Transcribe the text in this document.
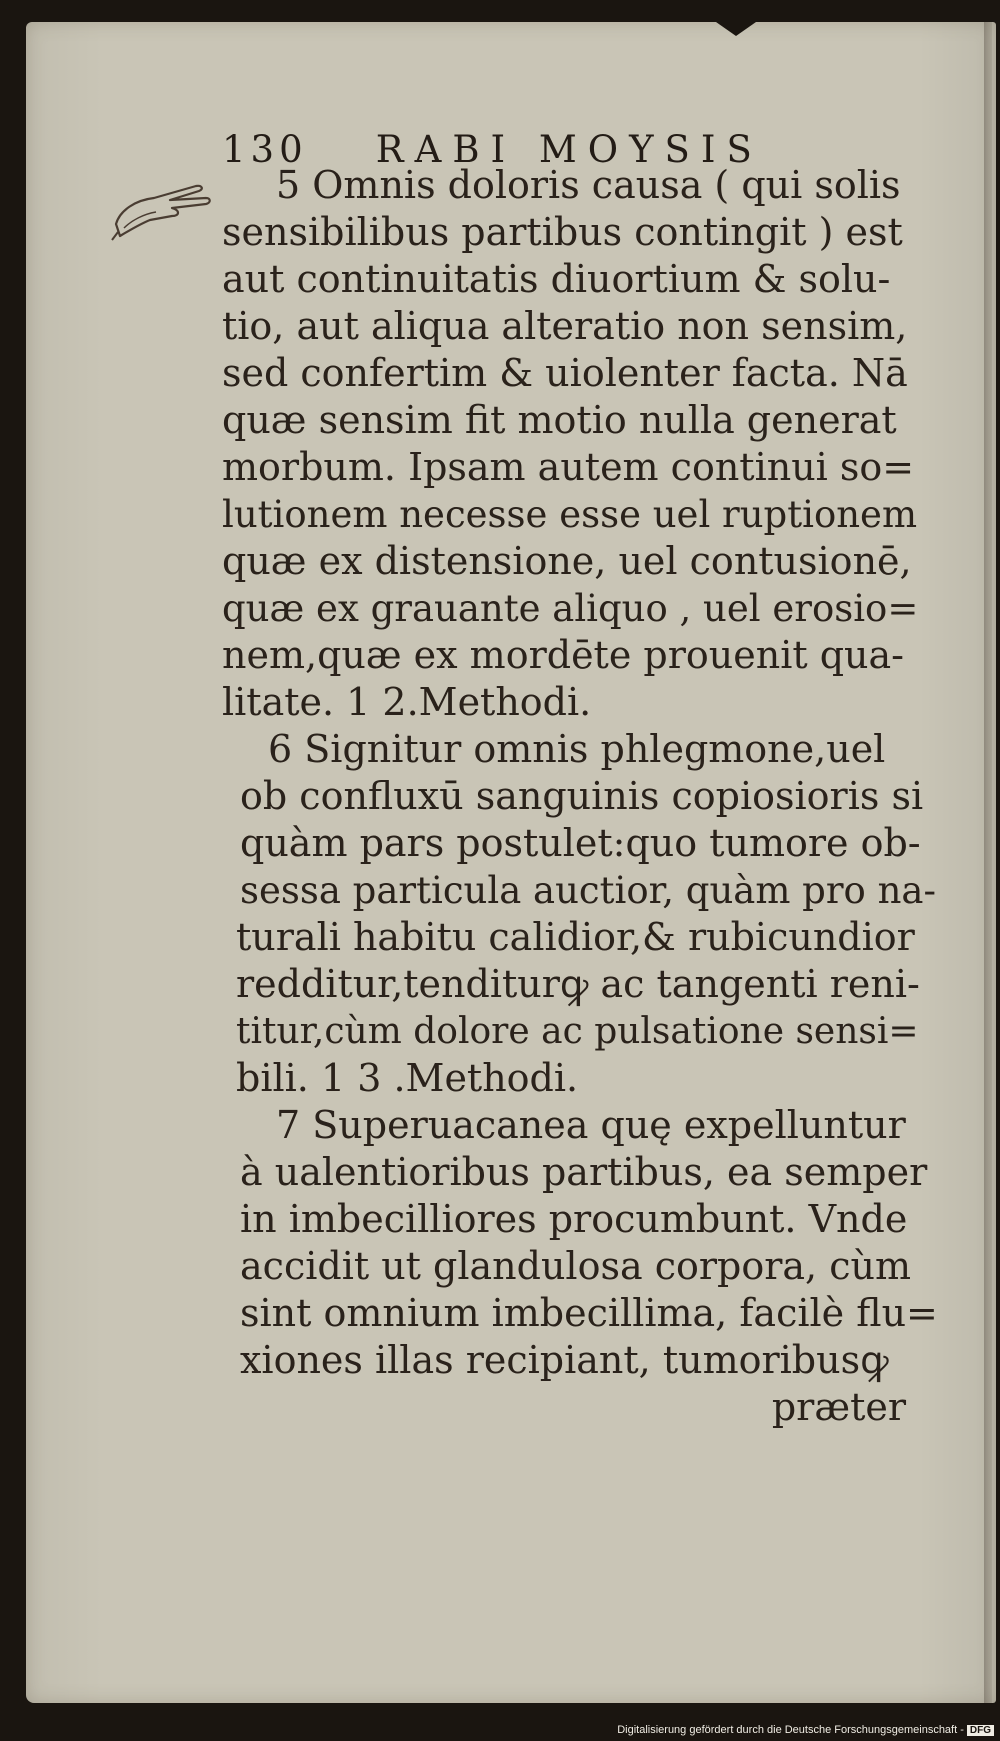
130 RABI MOYSIS
5 Omnis doloris causa ( qui solis
sensibilibus partibus contingit ) est
aut continuitatis diuortium & solu-
tio, aut aliqua alteratio non sensim,
sed confertim & uiolenter facta. Nā
quæ sensim fit motio nulla generat
morbum. Ipsam autem continui so=
lutionem necesse esse uel ruptionem
quæ ex distensione, uel contusionē,
quæ ex grauante aliquo , uel erosio=
nem,quæ ex mordēte prouenit qua-
litate. 1 2.Methodi.
6 Signitur omnis phlegmone,uel
ob confluxū sanguinis copiosioris si
quàm pars postulet:quo tumore ob-
sessa particula auctior, quàm pro na-
turali habitu calidior,& rubicundior
redditur,tenditurꝙ ac tangenti reni-
titur,cùm dolore ac pulsatione sensi=
bili. 1 3 .Methodi.
7 Superuacanea quę expelluntur
à ualentioribus partibus, ea semper
in imbecilliores procumbunt. Vnde
accidit ut glandulosa corpora, cùm
sint omnium imbecillima, facilè flu=
xiones illas recipiant, tumoribusꝙ
præter
Digitalisierung gefördert durch die Deutsche Forschungsgemeinschaft - DFG
